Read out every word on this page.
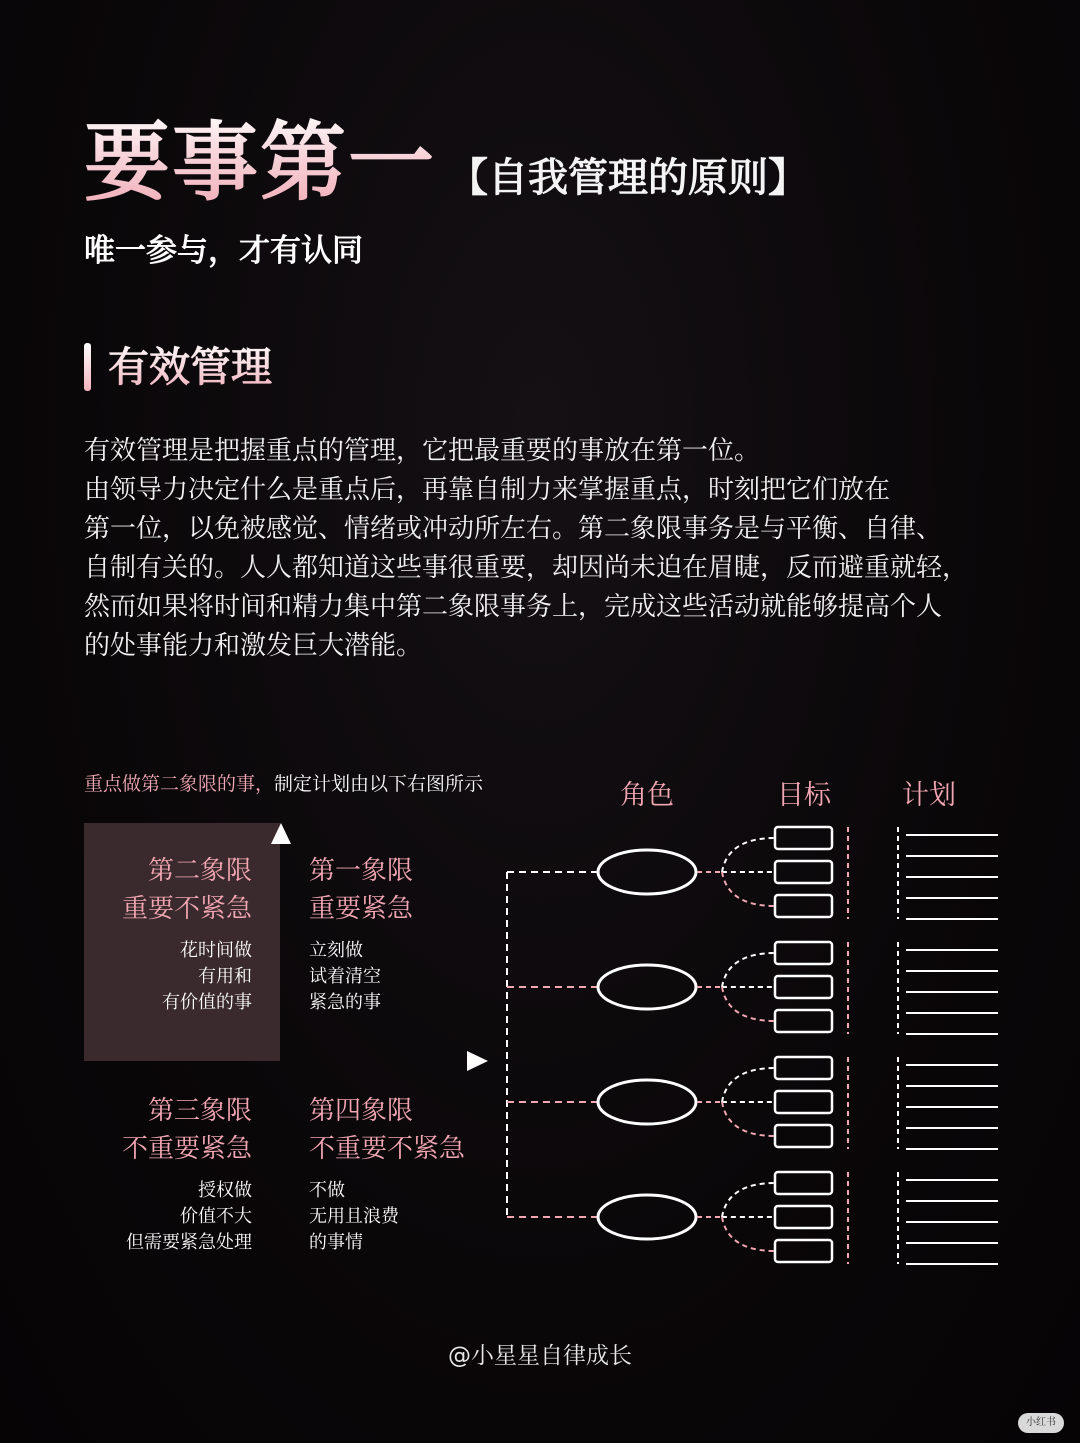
要事第一 【自我管理的原则】
唯一参与，才有认同
有效管理
有效管理是把握重点的管理，它把最重要的事放在第一位。
由领导力决定什么是重点后，再靠自制力来掌握重点，时刻把它们放在
第一位，以免被感觉、情绪或冲动所左右。第二象限事务是与平衡、自律、
自制有关的。人人都知道这些事很重要，却因尚未迫在眉睫，反而避重就轻，
然而如果将时间和精力集中第二象限事务上，完成这些活动就能够提高个人
的处事能力和激发巨大潜能。
重点做第二象限的事，制定计划由以下右图所示	角色	目标	计划
第二象限
重要不紧急
花时间做
有用和
有价值的事
第一象限
重要紧急
立刻做
试着清空
紧急的事
第三象限
不重要紧急
授权做
价值不大
但需要紧急处理
第四象限
不重要不紧急
不做
无用且浪费
的事情
@小星星自律成长
小红书
